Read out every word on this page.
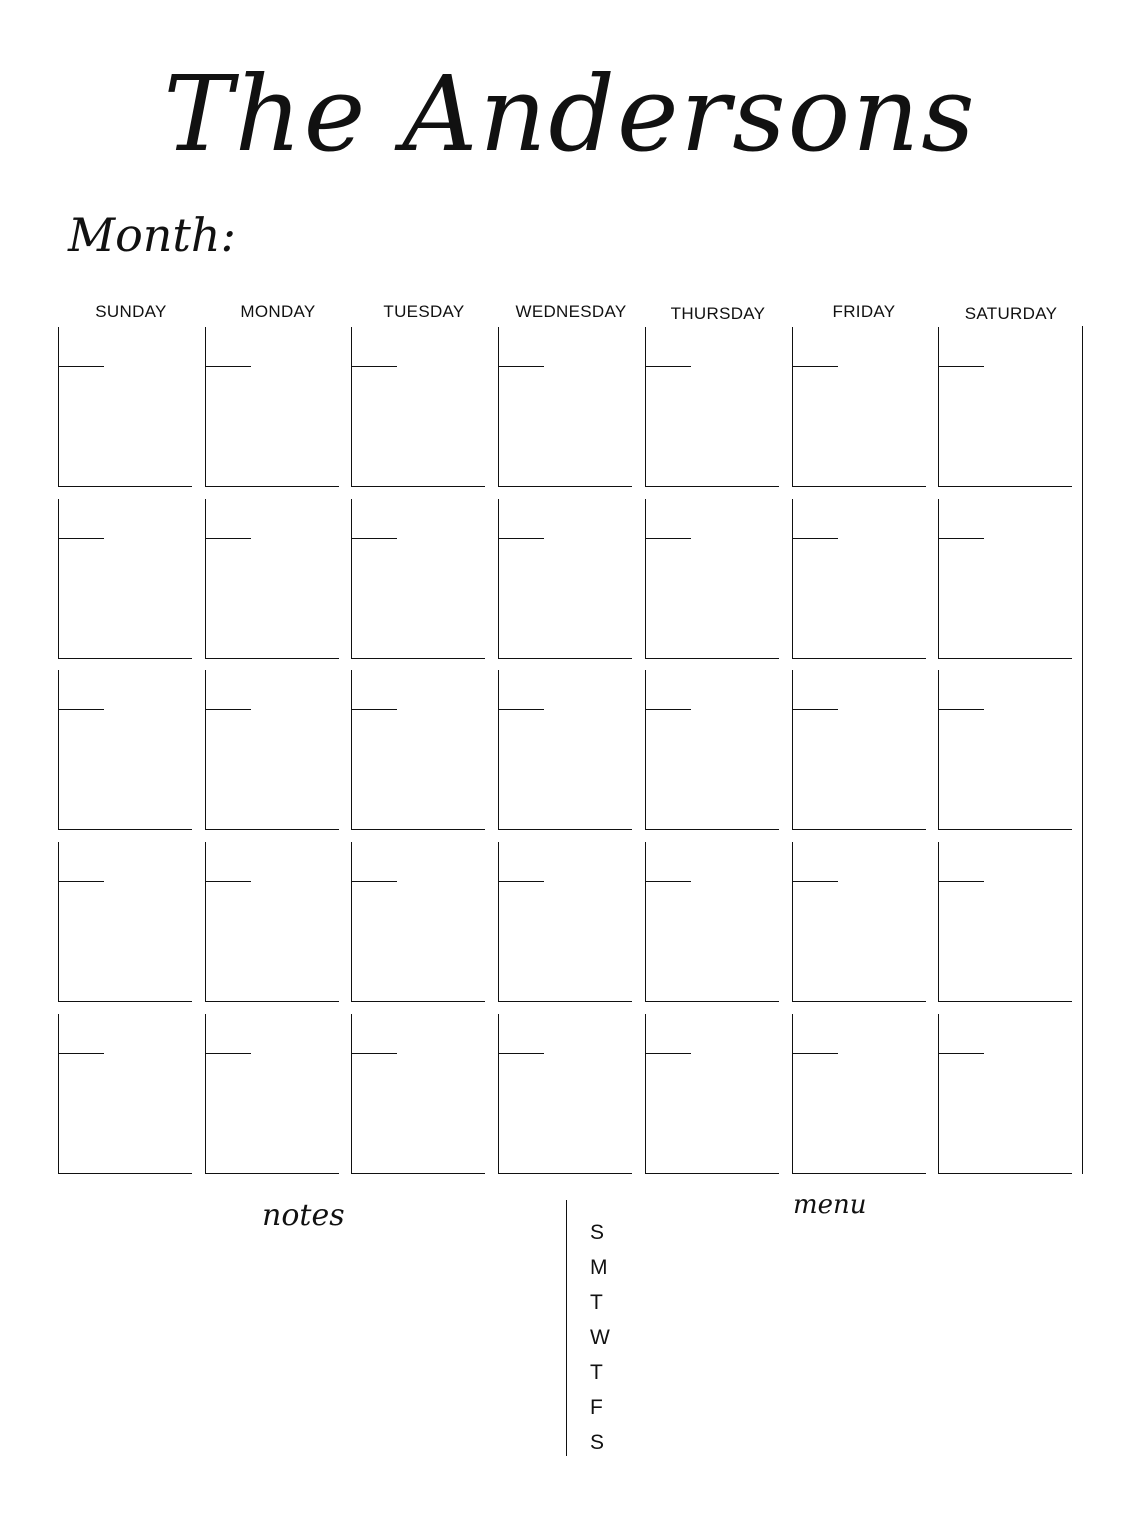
The Andersons
Month:
SUNDAY	MONDAY	TUESDAY	WEDNESDAY	THURSDAY	FRIDAY	SATURDAY
notes	menu
S
M
T
W
T
F
S
